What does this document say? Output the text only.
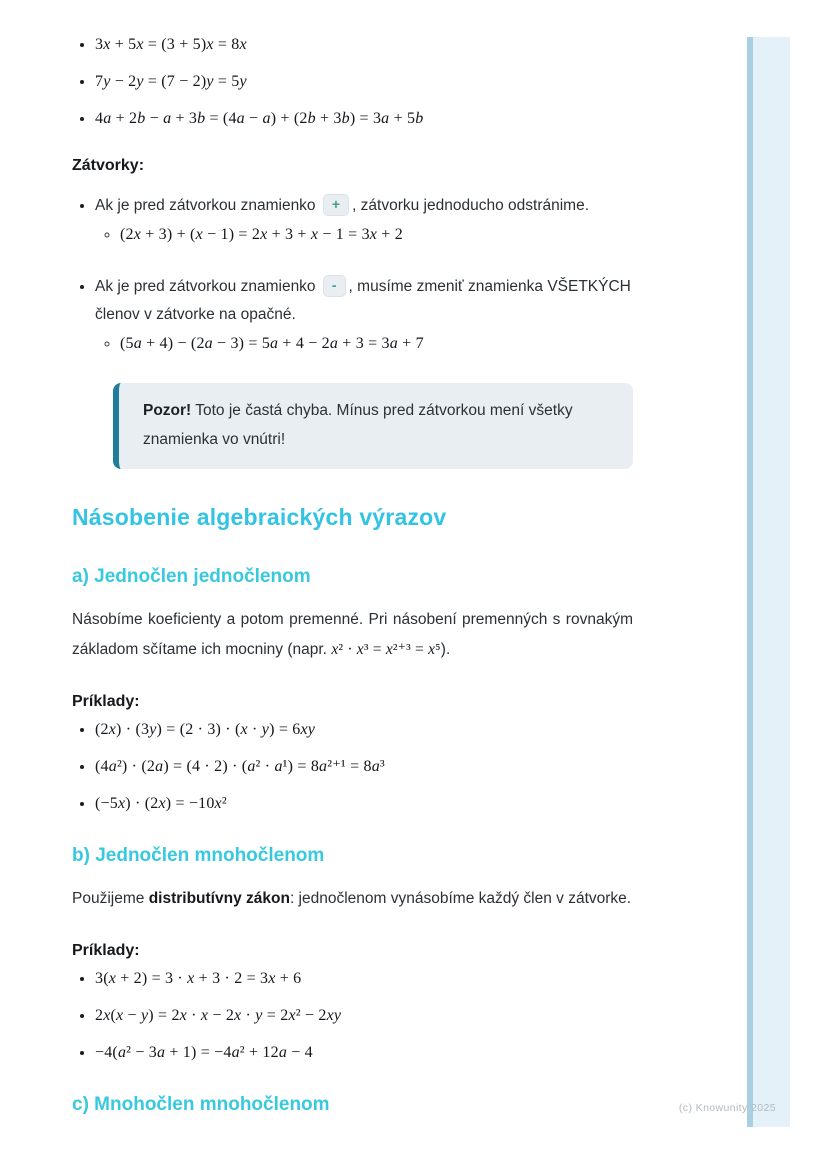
• 3x + 5x = (3 + 5)x = 8x
• 7y − 2y = (7 − 2)y = 5y
• 4a + 2b − a + 3b = (4a − a) + (2b + 3b) = 3a + 5b

Zátvorky:

• Ak je pred zátvorkou znamienko + , zátvorku jednoducho odstránime.
◦ (2x + 3) + (x − 1) = 2x + 3 + x − 1 = 3x + 2
• Ak je pred zátvorkou znamienko - , musíme zmeniť znamienka VŠETKÝCH členov v zátvorke na opačné.
◦ (5a + 4) − (2a − 3) = 5a + 4 − 2a + 3 = 3a + 7
Pozor! Toto je častá chyba. Mínus pred zátvorkou mení všetky znamienka vo vnútri!
Násobenie algebraických výrazov
a) Jednočlen jednočlenom

Násobíme koeficienty a potom premenné. Pri násobení premenných s rovnakým základom sčítame ich mocniny (napr. x² · x³ = x²⁺³ = x⁵).

Príklady:

• (2x) · (3y) = (2 · 3) · (x · y) = 6xy
• (4a²) · (2a) = (4 · 2) · (a² · a¹) = 8a²⁺¹ = 8a³
• (−5x) · (2x) = −10x²
b) Jednočlen mnohočlenom

Použijeme distributívny zákon: jednočlenom vynásobíme každý člen v zátvorke.

Príklady:

• 3(x + 2) = 3 · x + 3 · 2 = 3x + 6
• 2x(x − y) = 2x · x − 2x · y = 2x² − 2xy
• −4(a² − 3a + 1) = −4a² + 12a − 4
c) Mnohočlen mnohočlenom	(c) Knowunity 2025
